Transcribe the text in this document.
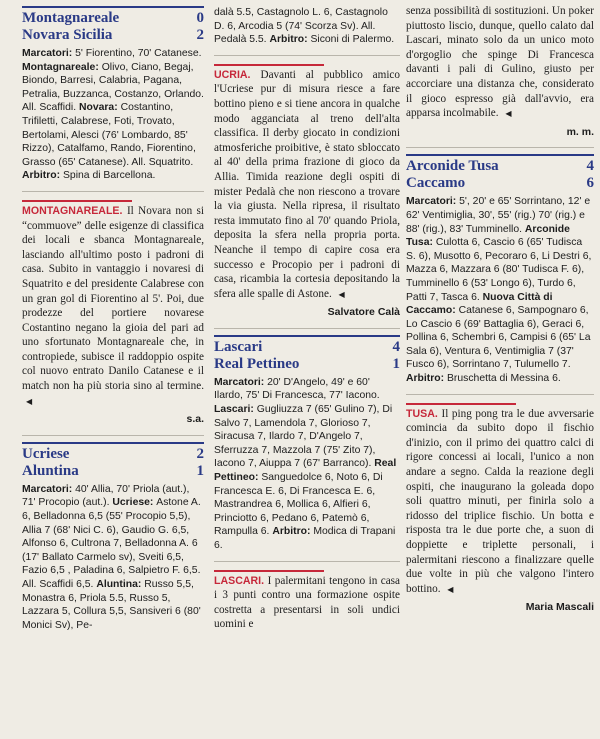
Montagnareale
Novara Sicilia
0
2
Marcatori: 5' Fiorentino, 70' Catanese. Montagnareale: Olivo, Ciano, Begaj, Biondo, Barresi, Calabria, Pagana, Petralia, Buzzanca, Costanzo, Orlando. All. Scaffidi. Novara: Costantino, Trifiletti, Calabrese, Foti, Trovato, Bertolami, Alesci (76' Lombardo, 85' Rizzo), Catalfamo, Rando, Fiorentino, Grasso (65' Catanese). All. Squatrito. Arbitro: Spina di Barcellona.
MONTAGNAREALE. Il Novara non si “commuove” delle esigenze di classifica dei locali e sbanca Montagnareale, lasciando all'ultimo posto i padroni di casa. Subito in vantaggio i novaresi di Squatrito e del presidente Calabrese con un gran gol di Fiorentino al 5'. Poi, due prodezze del portiere novarese Costantino negano la gioia del pari ad uno sfortunato Montagnareale che, in contropiede, subisce il raddoppio ospite col nuovo entrato Danilo Catanese e il match non ha più storia sino al termine. ◀
s.a.
Ucriese
Aluntina
2
1
Marcatori: 40' Allia, 70' Priola (aut.), 71' Procopio (aut.). Ucriese: Astone A. 6, Belladonna 6,5 (55' Procopio 5,5), Allia 7 (68' Nici C. 6), Gaudio G. 6,5, Alfonso 6, Cultrona 7, Belladonna A. 6 (17' Ballato Carmelo sv), Sveiti 6,5, Fazio 6,5 , Paladina 6, Salpietro F. 6,5. All. Scaffidi 6,5. Aluntina: Russo 5,5, Monastra 6, Priola 5.5, Russo 5, Lazzara 5, Collura 5,5, Sansiveri 6 (80' Monici Sv), Pe-
dalà 5.5, Castagnolo L. 6, Castagnolo D. 6, Arcodia 5 (74' Scorza Sv). All. Pedalà 5.5. Arbitro: Siconi di Palermo.
UCRIA. Davanti al pubblico amico l'Ucriese pur di misura riesce a fare bottino pieno e si tiene ancora in qualche modo agganciata al treno dell'alta classifica. Il derby giocato in condizioni atmosferiche proibitive, è stato sbloccato al 40' della prima frazione di gioco da Allia. Timida reazione degli ospiti di mister Pedalà che non riescono a trovare la via giusta. Nella ripresa, il risultato resta immutato fino al 70' quando Priola, deposita la sfera nella propria porta. Neanche il tempo di capire cosa era successo e Procopio per i padroni di casa, ricambia la cortesia depositando la sfera alle spalle di Astone. ◀
Salvatore Calà
Lascari
Real Pettineo
4
1
Marcatori: 20' D'Angelo, 49' e 60' Ilardo, 75' Di Francesca, 77' Iacono. Lascari: Gugliuzza 7 (65' Gulino 7), Di Salvo 7, Lamendola 7, Glorioso 7, Siracusa 7, Ilardo 7, D'Angelo 7, Sferruzza 7, Mazzola 7 (75' Zito 7), Iacono 7, Aiuppa 7 (67' Barranco). Real Pettineo: Sanguedolce 6, Noto 6, Di Francesca E. 6, Di Francesca E. 6, Mastrandrea 6, Mollica 6, Alfieri 6, Princiotto 6, Pedano 6, Patemò 6, Rampulla 6. Arbitro: Modica di Trapani 6.
LASCARI. I palermitani tengono in casa i 3 punti contro una formazione ospite costretta a presentarsi in soli undici uomini e
senza possibilità di sostituzioni. Un poker piuttosto liscio, dunque, quello calato dal Lascari, minato solo da un unico moto d'orgoglio che spinge Di Francesca davanti i pali di Gulino, giusto per accorciare una distanza che, considerato il gioco espresso già dall'avvio, era apparsa incolmabile. ◀
m. m.
Arconide Tusa
Caccamo
4
6
Marcatori: 5', 20' e 65' Sorrintano, 12' e 62' Ventimiglia, 30', 55' (rig.) 70' (rig.) e 88' (rig.), 83' Tumminello. Arconide Tusa: Culotta 6, Cascio 6 (65' Tudisca S. 6), Musotto 6, Pecoraro 6, Li Destri 6, Mazza 6, Mazzara 6 (80' Tudisca F. 6), Tumminello 6 (53' Longo 6), Turdo 6, Patti 7, Tasca 6. Nuova Città di Caccamo: Catanese 6, Sampognaro 6, Lo Cascio 6 (69' Battaglia 6), Geraci 6, Pollina 6, Schembri 6, Campisi 6 (65' La Sala 6), Ventura 6, Ventimiglia 7 (37' Fusco 6), Sorrintano 7, Tulumello 7. Arbitro: Bruschetta di Messina 6.
TUSA. Il ping pong tra le due avversarie comincia da subito dopo il fischio d'inizio, con il primo dei quattro calci di rigore concessi ai locali, l'unico a non andare a segno. Calda la reazione degli ospiti, che inaugurano la goleada dopo soli quattro minuti, per finirla solo a ridosso del triplice fischio. Un botta e risposta tra le due porte che, a suon di doppiette e triplette personali, i palermitani riescono a finalizzare quelle due volte in più che valgono l'intero bottino. ◀
Maria Mascali
